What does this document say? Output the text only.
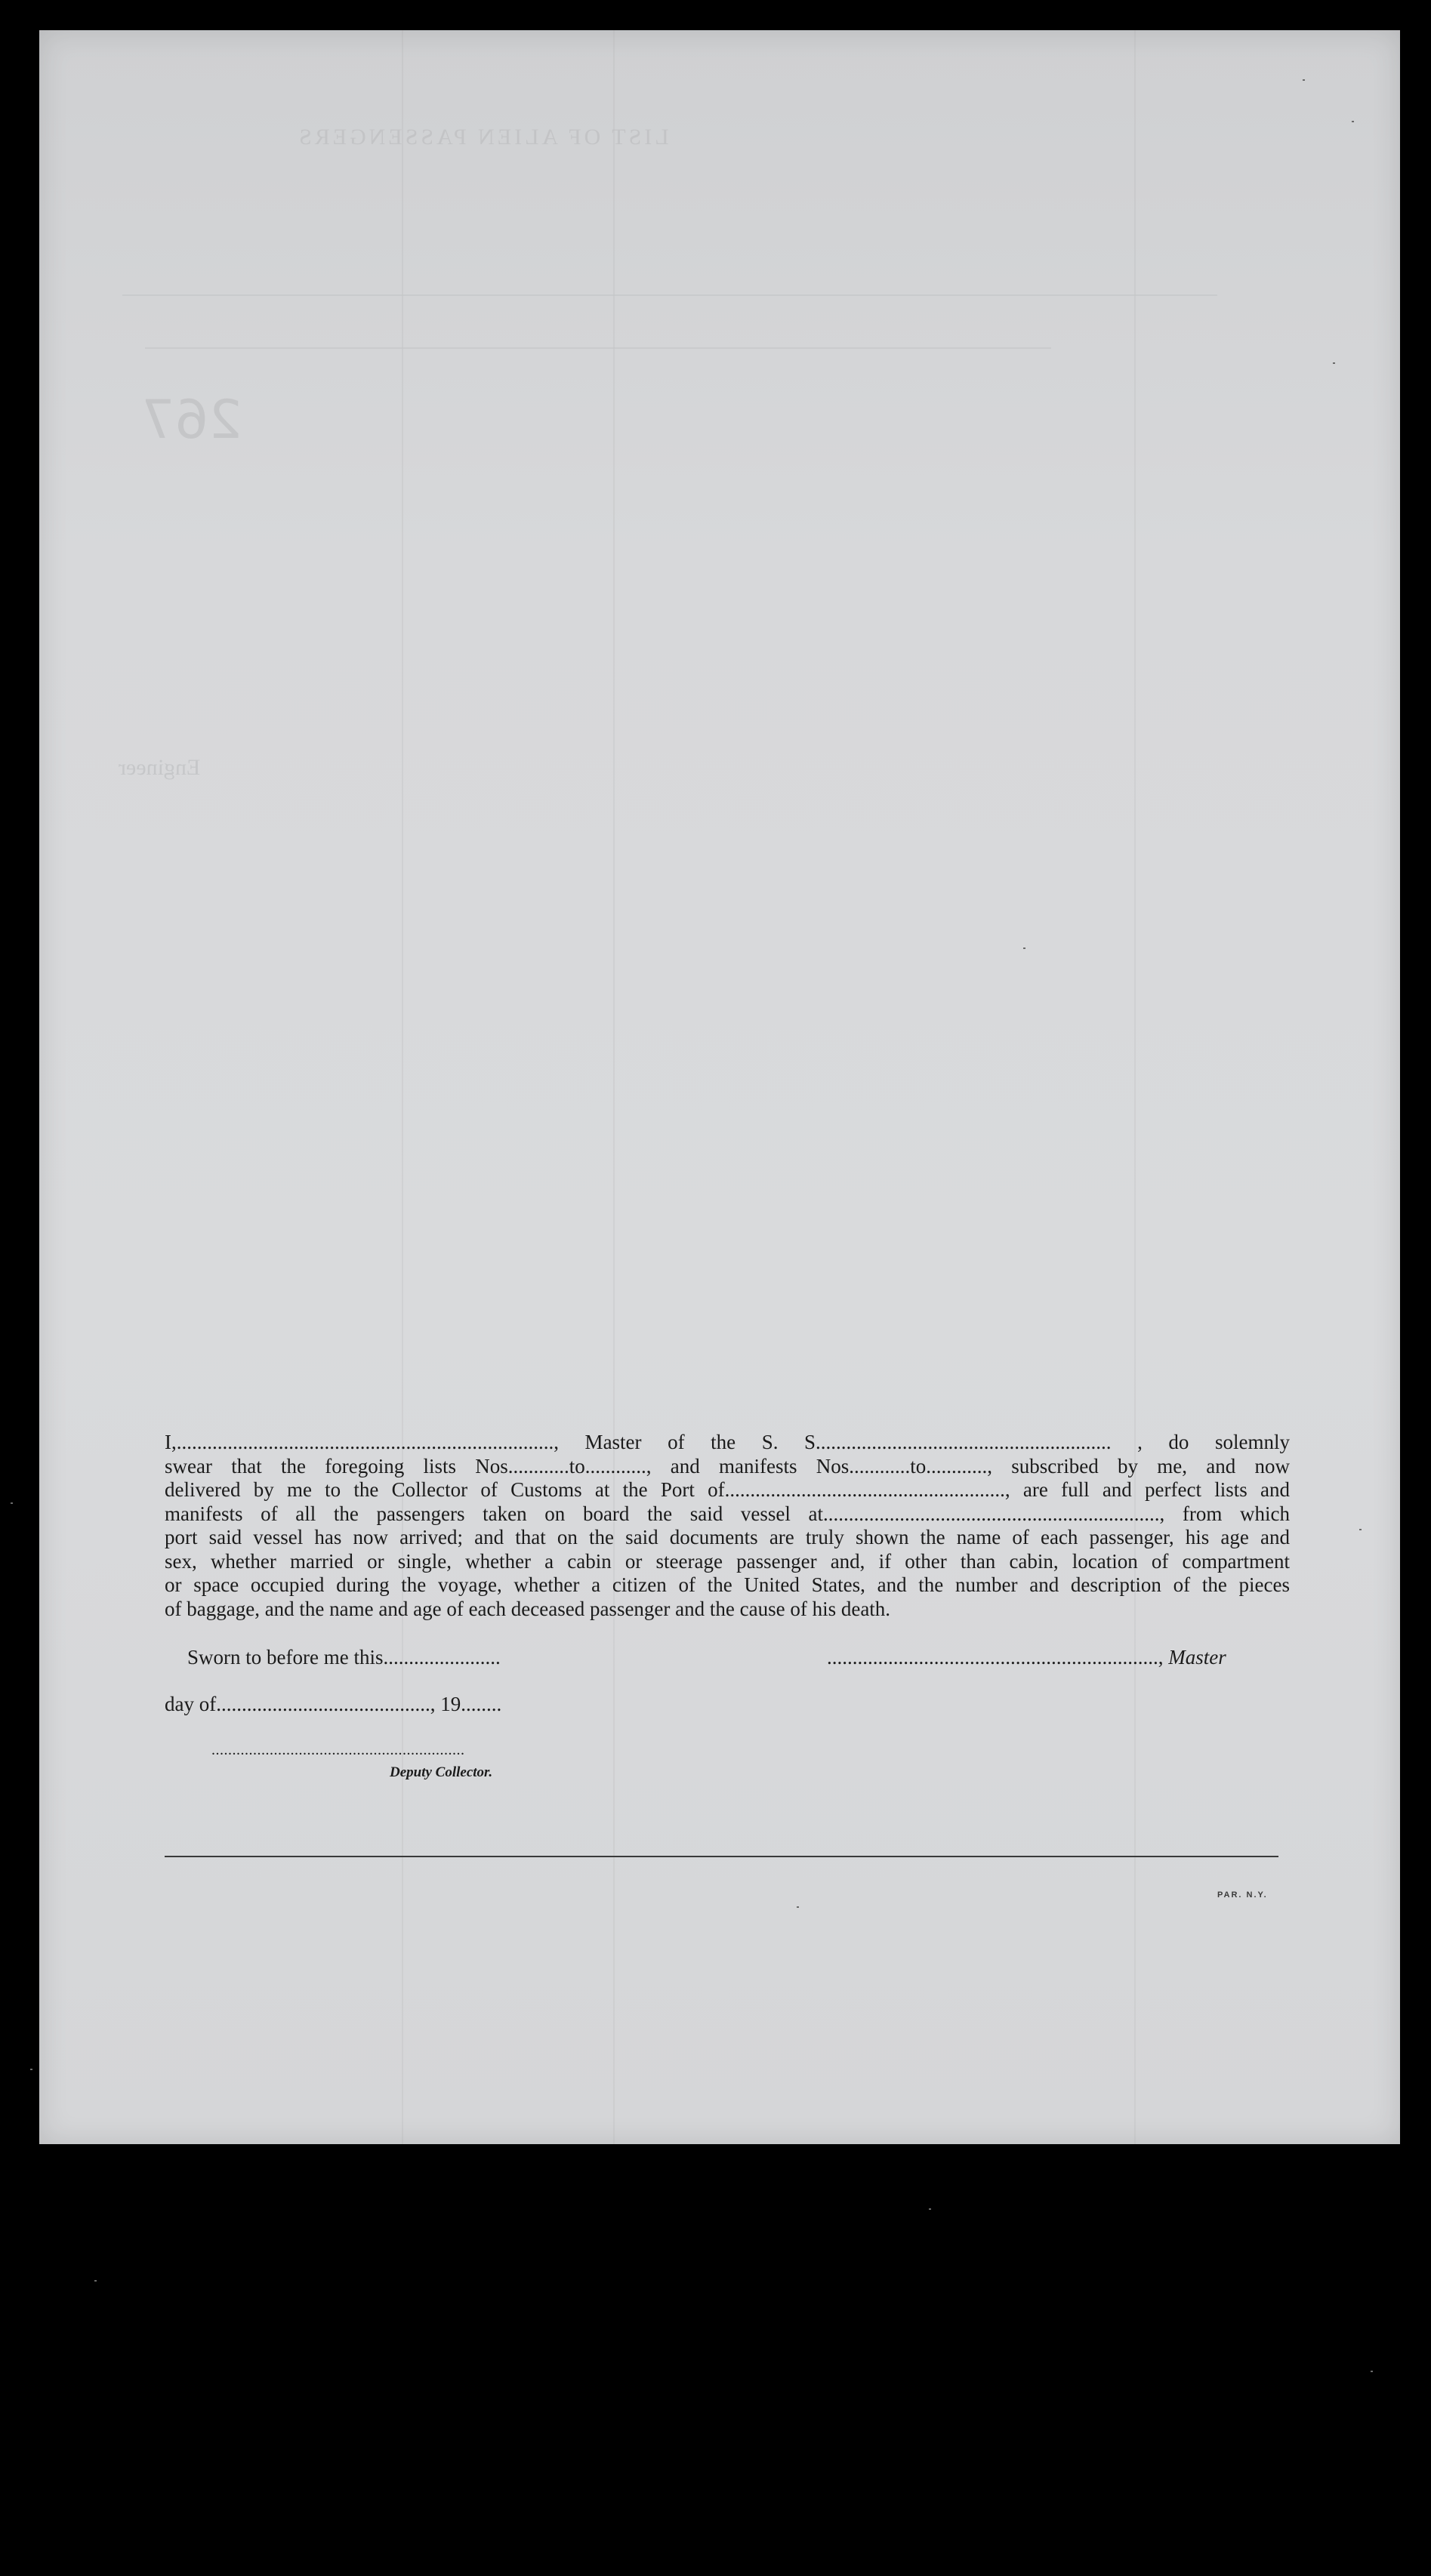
LIST OF ALIEN PASSENGERS
267
Engineer
I,.........................................................................., Master of the S. S.......................................................... , do solemnly
swear that the foregoing lists Nos............to............, and manifests Nos............to............, subscribed by me, and now
delivered by me to the Collector of Customs at the Port of......................................................., are full and perfect lists and
manifests of all the passengers taken on board the said vessel at.................................................................., from which
port said vessel has now arrived; and that on the said documents are truly shown the name of each passenger, his age and
sex, whether married or single, whether a cabin or steerage passenger and, if other than cabin, location of compartment
or space occupied during the voyage, whether a citizen of the United States, and the number and description of the pieces
of baggage, and the name and age of each deceased passenger and the cause of his death.
Sworn to before me this.......................	................................................................., Master
day of.........................................., 19........
.............................................................
Deputy Collector.
PAR. N.Y.
